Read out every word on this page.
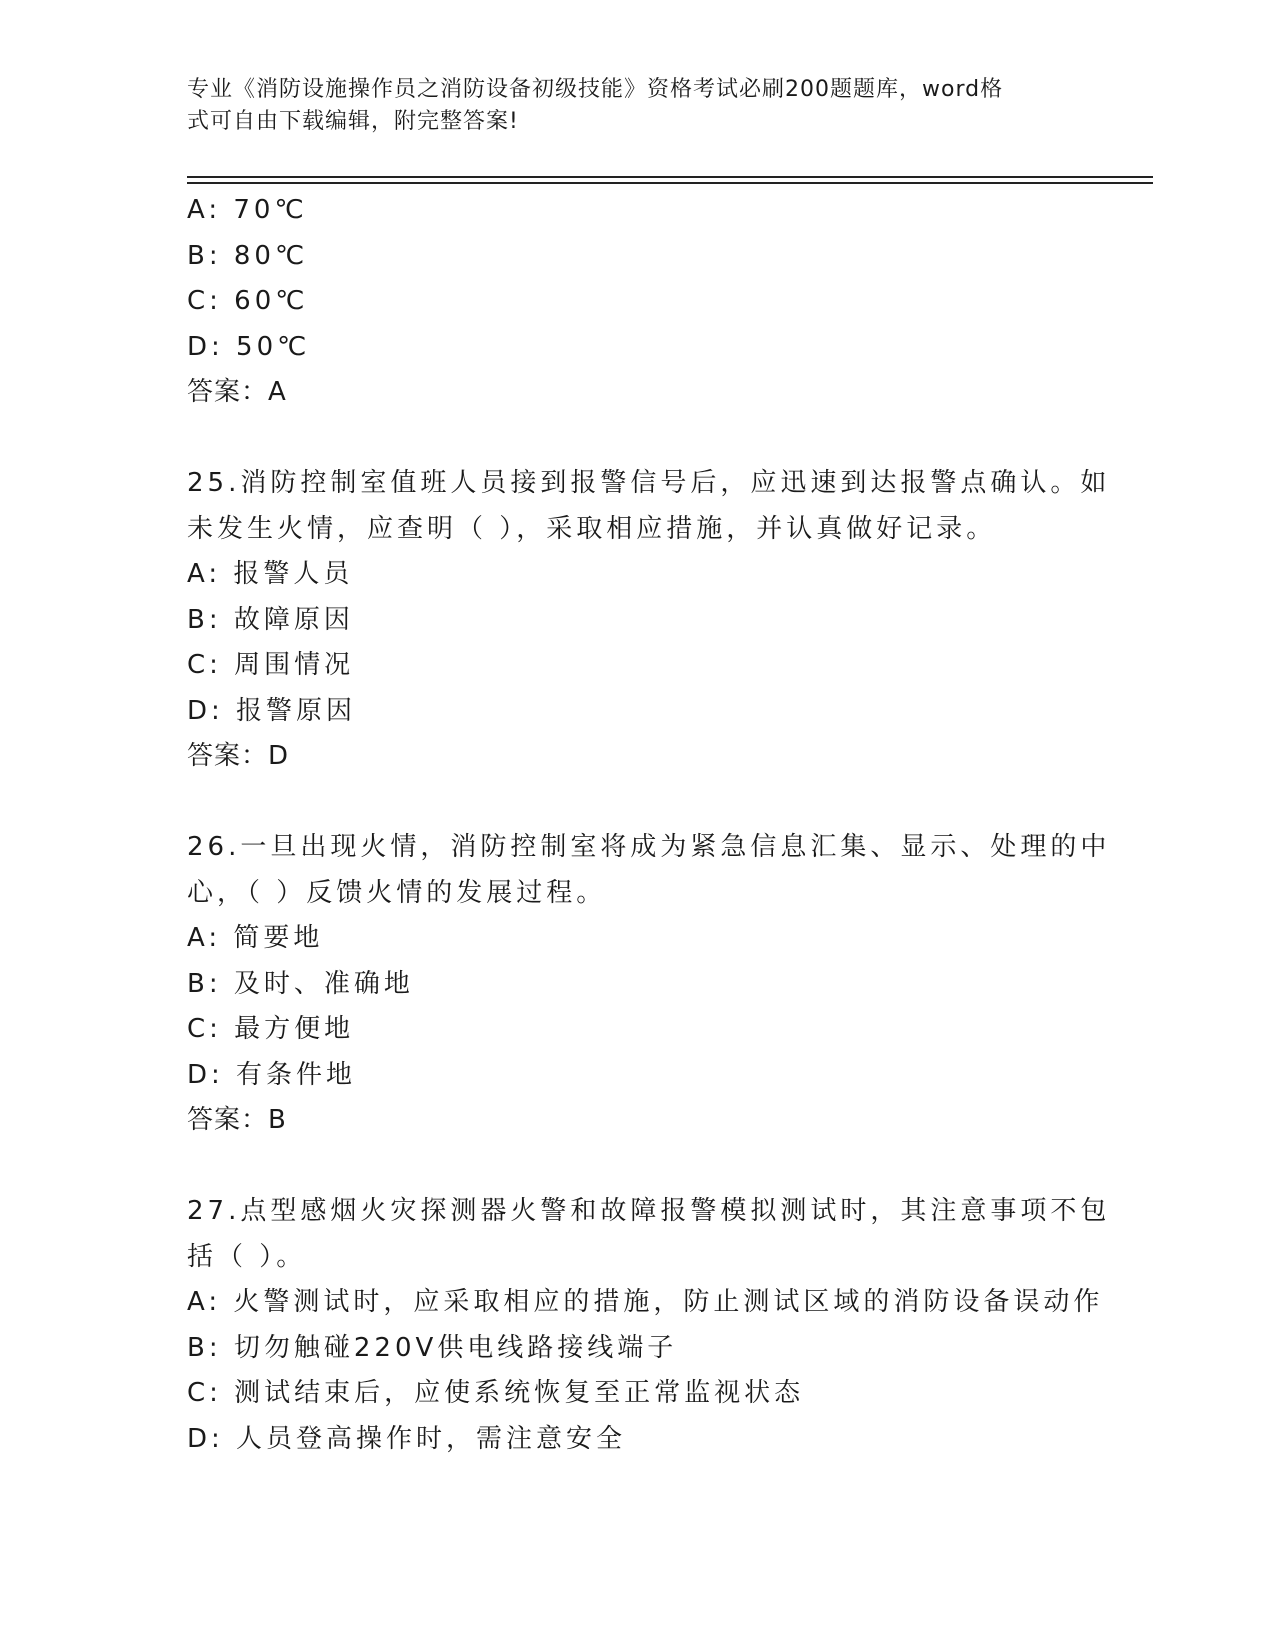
专业《消防设施操作员之消防设备初级技能》资格考试必刷200题题库，word格
式可自由下载编辑，附完整答案!
A: 70℃
B: 80℃
C: 60℃
D: 50℃
答案：A
25.消防控制室值班人员接到报警信号后，应迅速到达报警点确认。如
未发生火情，应查明（ ），采取相应措施，并认真做好记录。
A: 报警人员
B: 故障原因
C: 周围情况
D: 报警原因
答案：D
26.一旦出现火情，消防控制室将成为紧急信息汇集、显示、处理的中
心，（ ）反馈火情的发展过程。
A: 简要地
B: 及时、准确地
C: 最方便地
D: 有条件地
答案：B
27.点型感烟火灾探测器火警和故障报警模拟测试时，其注意事项不包
括（ ）。
A: 火警测试时，应采取相应的措施，防止测试区域的消防设备误动作
B: 切勿触碰220V供电线路接线端子
C: 测试结束后，应使系统恢复至正常监视状态
D: 人员登高操作时，需注意安全
